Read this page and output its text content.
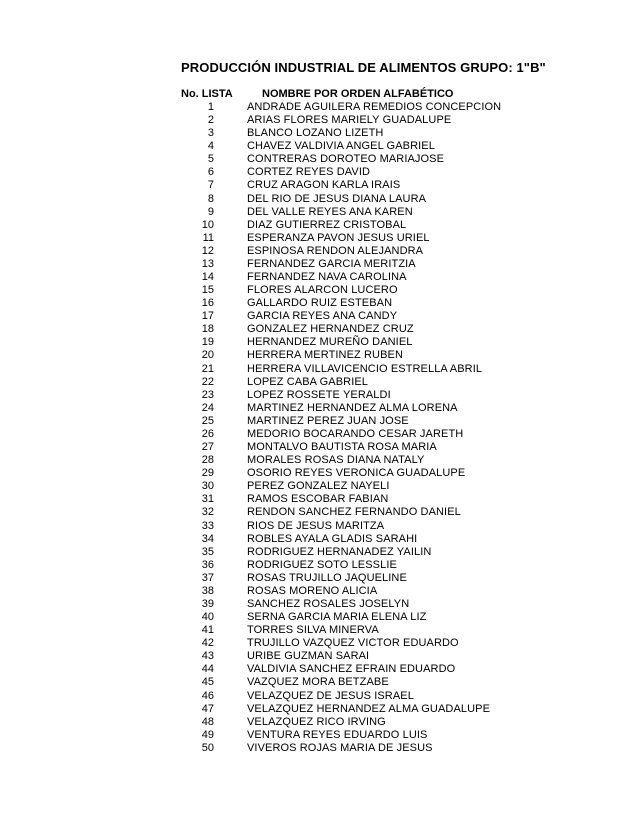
PRODUCCIÓN INDUSTRIAL DE ALIMENTOS GRUPO: 1"B"
No. LISTA	NOMBRE POR ORDEN ALFABÉTICO
1	ANDRADE AGUILERA REMEDIOS CONCEPCION
2	ARIAS FLORES MARIELY GUADALUPE
3	BLANCO LOZANO LIZETH
4	CHAVEZ VALDIVIA ANGEL GABRIEL
5	CONTRERAS DOROTEO MARIAJOSE
6	CORTEZ REYES DAVID
7	CRUZ ARAGON KARLA IRAIS
8	DEL RIO DE JESUS DIANA LAURA
9	DEL VALLE REYES ANA KAREN
10	DIAZ GUTIERREZ CRISTOBAL
11	ESPERANZA PAVON JESUS URIEL
12	ESPINOSA RENDON ALEJANDRA
13	FERNANDEZ GARCIA MERITZIA
14	FERNANDEZ NAVA CAROLINA
15	FLORES ALARCON LUCERO
16	GALLARDO RUIZ ESTEBAN
17	GARCIA REYES ANA CANDY
18	GONZALEZ HERNANDEZ CRUZ
19	HERNANDEZ MUREÑO DANIEL
20	HERRERA MERTINEZ RUBEN
21	HERRERA VILLAVICENCIO ESTRELLA ABRIL
22	LOPEZ CABA GABRIEL
23	LOPEZ ROSSETE YERALDI
24	MARTINEZ HERNANDEZ ALMA LORENA
25	MARTINEZ PEREZ JUAN JOSE
26	MEDORIO BOCARANDO CESAR JARETH
27	MONTALVO BAUTISTA ROSA MARIA
28	MORALES ROSAS DIANA NATALY
29	OSORIO REYES VERONICA GUADALUPE
30	PEREZ GONZALEZ NAYELI
31	RAMOS ESCOBAR FABIAN
32	RENDON SANCHEZ FERNANDO DANIEL
33	RIOS DE JESUS MARITZA
34	ROBLES AYALA GLADIS SARAHI
35	RODRIGUEZ HERNANADEZ YAILIN
36	RODRIGUEZ SOTO LESSLIE
37	ROSAS TRUJILLO JAQUELINE
38	ROSAS MORENO ALICIA
39	SANCHEZ ROSALES JOSELYN
40	SERNA GARCIA MARIA ELENA LIZ
41	TORRES SILVA MINERVA
42	TRUJILLO VAZQUEZ VICTOR EDUARDO
43	URIBE GUZMAN SARAI
44	VALDIVIA SANCHEZ EFRAIN EDUARDO
45	VAZQUEZ MORA BETZABE
46	VELAZQUEZ DE JESUS ISRAEL
47	VELAZQUEZ HERNANDEZ ALMA GUADALUPE
48	VELAZQUEZ RICO IRVING
49	VENTURA REYES EDUARDO LUIS
50	VIVEROS ROJAS MARIA DE JESUS
